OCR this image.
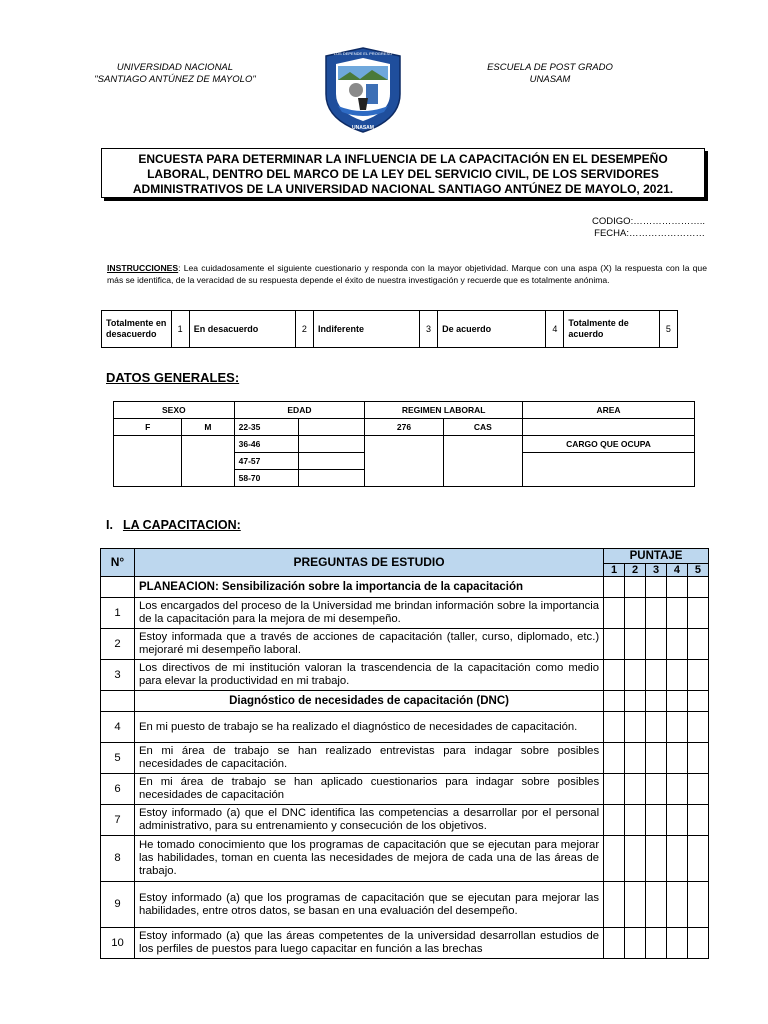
UNIVERSIDAD NACIONAL
"SANTIAGO ANTÚNEZ DE MAYOLO"
LOS DEPENDE EL PROGRESO
UNASAM
ESCUELA DE POST GRADO
UNASAM
ENCUESTA PARA DETERMINAR LA INFLUENCIA DE LA CAPACITACIÓN EN EL DESEMPEÑO
LABORAL, DENTRO DEL MARCO DE LA LEY DEL SERVICIO CIVIL, DE LOS SERVIDORES
ADMINISTRATIVOS DE LA UNIVERSIDAD NACIONAL SANTIAGO ANTÚNEZ DE MAYOLO, 2021.
CODIGO:…………………..
FECHA:……………………
INSTRUCCIONES: Lea cuidadosamente el siguiente cuestionario y responda con la mayor objetividad. Marque con una aspa (X) la respuesta con la que más se identifica, de la veracidad de su respuesta depende el éxito de nuestra investigación y recuerde que es totalmente anónima.
Totalmente en desacuerdo	1	En desacuerdo	2	Indiferente	3	De acuerdo	4	Totalmente de acuerdo	5
DATOS GENERALES:
SEXO		EDAD		REGIMEN LABORAL		AREA
F	M	22-35		276	CAS	
		36-46				CARGO QUE OCUPA
		47-57				
		58-70				
I. LA CAPACITACION:
N°	PREGUNTAS DE ESTUDIO	PUNTAJE				
		1	2	3	4	5
	PLANEACION: Sensibilización sobre la importancia de la capacitación					
1	Los encargados del proceso de la Universidad me brindan información sobre la importancia de la capacitación para la mejora de mi desempeño.					
2	Estoy informada que a través de acciones de capacitación (taller, curso, diplomado, etc.) mejoraré mi desempeño laboral.					
3	Los directivos de mi institución valoran la trascendencia de la capacitación como medio para elevar la productividad en mi trabajo.					
	Diagnóstico de necesidades de capacitación (DNC)					
4	En mi puesto de trabajo se ha realizado el diagnóstico de necesidades de capacitación.					
5	En mi área de trabajo se han realizado entrevistas para indagar sobre posibles necesidades de capacitación.					
6	En mi área de trabajo se han aplicado cuestionarios para indagar sobre posibles necesidades de capacitación					
7	Estoy informado (a) que el DNC identifica las competencias a desarrollar por el personal administrativo, para su entrenamiento y consecución de los objetivos.					
8	He tomado conocimiento que los programas de capacitación que se ejecutan para mejorar las habilidades, toman en cuenta las necesidades de mejora de cada una de las áreas de trabajo.					
9	Estoy informado (a) que los programas de capacitación que se ejecutan para mejorar las habilidades, entre otros datos, se basan en una evaluación del desempeño.					
10	Estoy informado (a) que las áreas competentes de la universidad desarrollan estudios de los perfiles de puestos para luego capacitar en función a las brechas					
